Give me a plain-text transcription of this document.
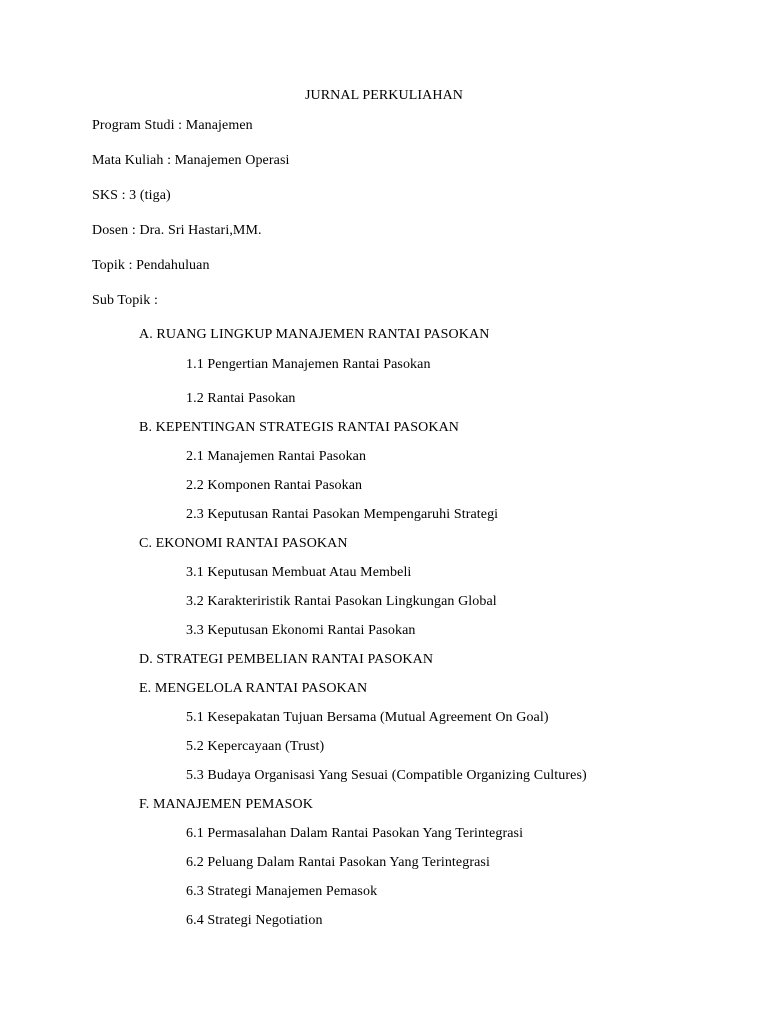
JURNAL PERKULIAHAN
Program Studi : Manajemen
Mata Kuliah : Manajemen Operasi
SKS : 3 (tiga)
Dosen : Dra. Sri Hastari,MM.
Topik : Pendahuluan
Sub Topik :
A. RUANG LINGKUP MANAJEMEN RANTAI PASOKAN
1.1 Pengertian Manajemen Rantai Pasokan
1.2 Rantai Pasokan
B. KEPENTINGAN STRATEGIS RANTAI PASOKAN
2.1 Manajemen Rantai Pasokan
2.2 Komponen Rantai Pasokan
2.3 Keputusan Rantai Pasokan Mempengaruhi Strategi
C. EKONOMI RANTAI PASOKAN
3.1 Keputusan Membuat Atau Membeli
3.2 Karakteriristik Rantai Pasokan Lingkungan Global
3.3 Keputusan Ekonomi Rantai Pasokan
D. STRATEGI PEMBELIAN RANTAI PASOKAN
E. MENGELOLA RANTAI PASOKAN
5.1 Kesepakatan Tujuan Bersama (Mutual Agreement On Goal)
5.2 Kepercayaan (Trust)
5.3 Budaya Organisasi Yang Sesuai (Compatible Organizing Cultures)
F. MANAJEMEN PEMASOK
6.1 Permasalahan Dalam Rantai Pasokan Yang Terintegrasi
6.2 Peluang Dalam Rantai Pasokan Yang Terintegrasi
6.3 Strategi Manajemen Pemasok
6.4 Strategi Negotiation
